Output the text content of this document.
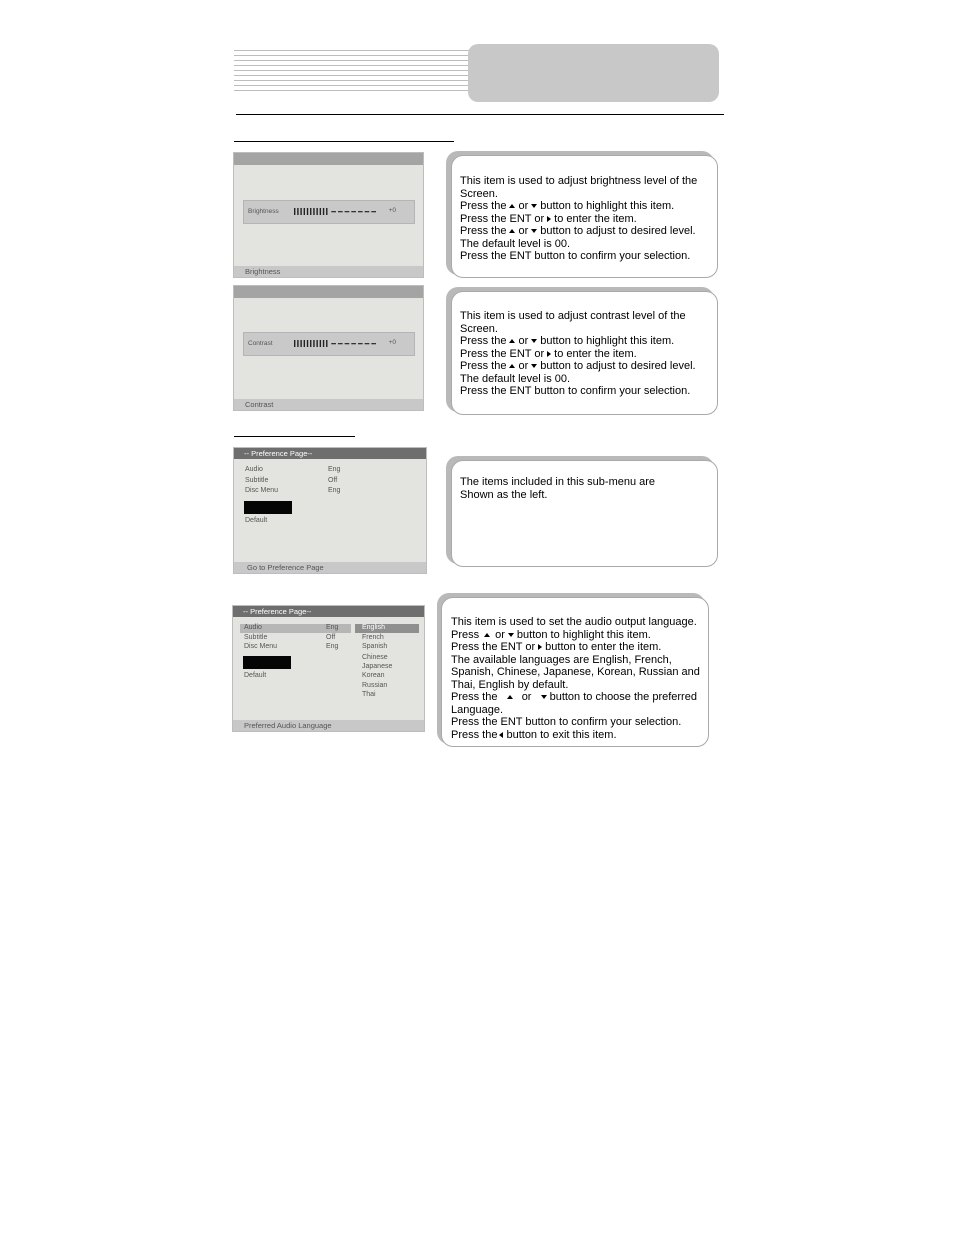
Brightness	+0
Brightness
This item is used to adjust brightness level of the
Screen.
Press the or button to highlight this item.
Press the ENT or to enter the item.
Press the or button to adjust to desired level.
The default level is 00.
Press the ENT button to confirm your selection.
Contrast	+0
Contrast
This item is used to adjust contrast level of the
Screen.
Press the or button to highlight this item.
Press the ENT or to enter the item.
Press the or button to adjust to desired level.
The default level is 00.
Press the ENT button to confirm your selection.
-- Preference Page--
Audio	Eng
Subtitle	Off
Disc Menu	Eng
Default
Go to Preference Page
The items included in this sub-menu are
Shown as the left.
-- Preference Page--
Audio	Eng
Subtitle	Off
Disc Menu	Eng
Default
English
French
Spanish
Chinese
Japanese
Korean
Russian
Thai
Preferred Audio Language
This item is used to set the audio output language.
Press or button to highlight this item.
Press the ENT or button to enter the item.
The available languages are English, French,
Spanish, Chinese, Japanese, Korean, Russian and
Thai, English by default.
Press the or button to choose the preferred
Language.
Press the ENT button to confirm your selection.
Press the button to exit this item.
